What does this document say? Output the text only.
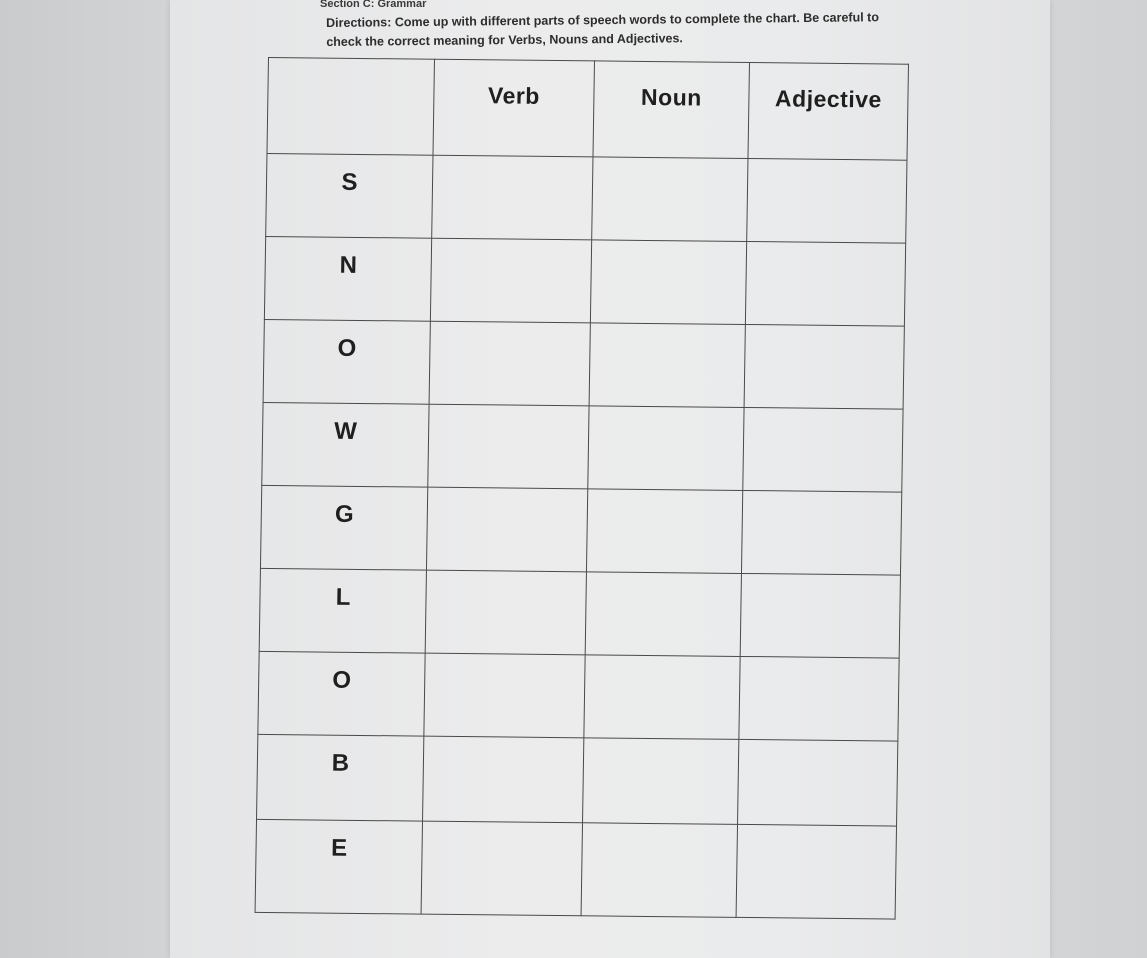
Section C: Grammar
Directions: Come up with different parts of speech words to complete the chart. Be careful to check the correct meaning for Verbs, Nouns and Adjectives.
	Verb	Noun	Adjective
S			
N			
O			
W			
G			
L			
O			
B			
E			
